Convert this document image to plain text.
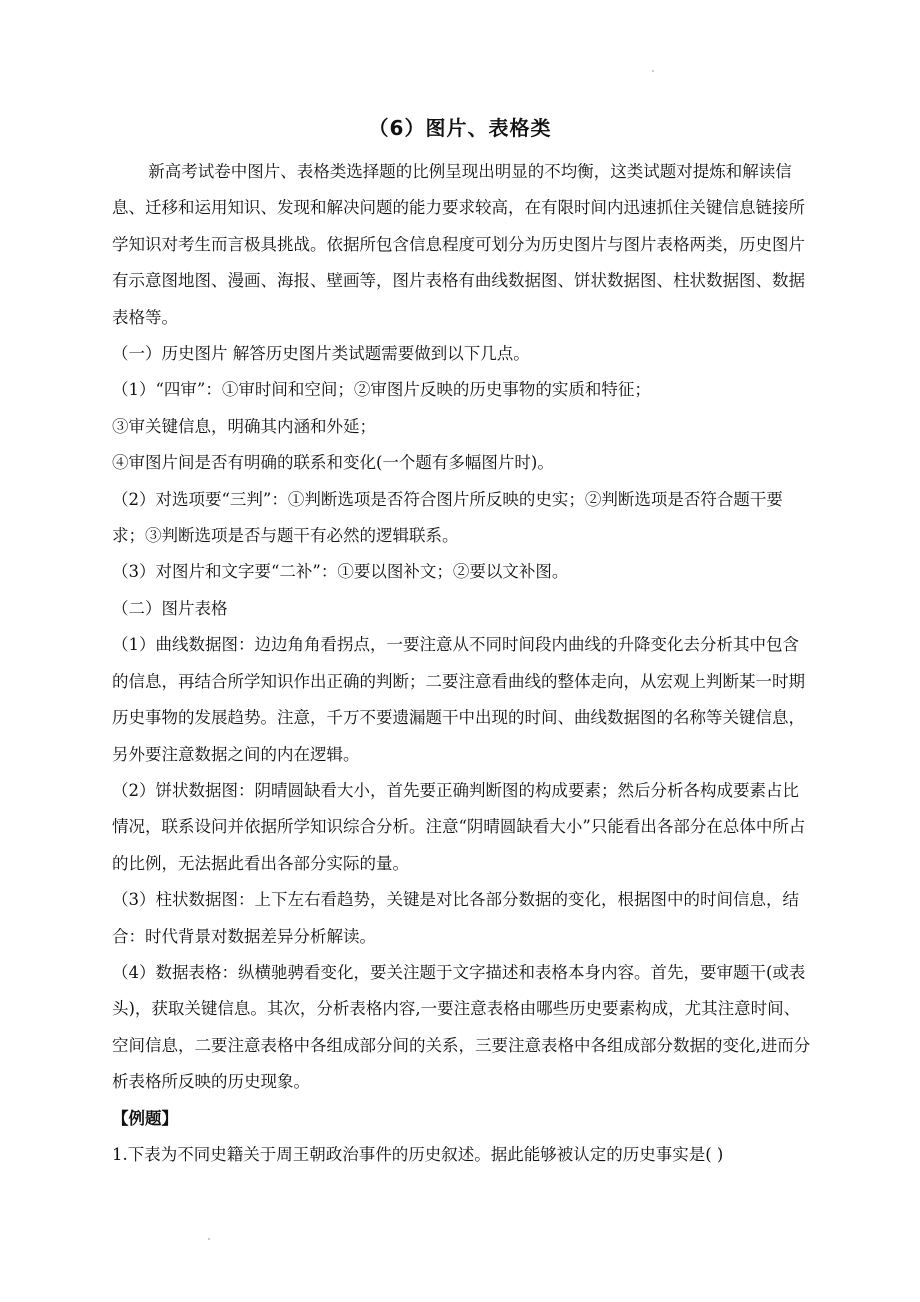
（6）图片、表格类

新高考试卷中图片、表格类选择题的比例呈现出明显的不均衡，这类试题对提炼和解读信息、迁移和运用知识、发现和解决问题的能力要求较高，在有限时间内迅速抓住关键信息链接所学知识对考生而言极具挑战。依据所包含信息程度可划分为历史图片与图片表格两类，历史图片有示意图地图、漫画、海报、壁画等，图片表格有曲线数据图、饼状数据图、柱状数据图、数据表格等。

（一）历史图片 解答历史图片类试题需要做到以下几点。

（1）“四审”：①审时间和空间；②审图片反映的历史事物的实质和特征；

③审关键信息，明确其内涵和外延；

④审图片间是否有明确的联系和变化(一个题有多幅图片时)。

（2）对选项要“三判”：①判断选项是否符合图片所反映的史实；②判断选项是否符合题干要求；③判断选项是否与题干有必然的逻辑联系。

（3）对图片和文字要“二补”：①要以图补文；②要以文补图。

（二）图片表格

（1）曲线数据图：边边角角看拐点，一要注意从不同时间段内曲线的升降变化去分析其中包含的信息，再结合所学知识作出正确的判断；二要注意看曲线的整体走向，从宏观上判断某一时期历史事物的发展趋势。注意，千万不要遗漏题干中出现的时间、曲线数据图的名称等关键信息，另外要注意数据之间的内在逻辑。

（2）饼状数据图：阴晴圆缺看大小，首先要正确判断图的构成要素；然后分析各构成要素占比情况，联系设问并依据所学知识综合分析。注意“阴晴圆缺看大小”只能看出各部分在总体中所占的比例，无法据此看出各部分实际的量。

（3）柱状数据图：上下左右看趋势，关键是对比各部分数据的变化，根据图中的时间信息，结合：时代背景对数据差异分析解读。

（4）数据表格：纵横驰骋看变化，要关注题于文字描述和表格本身内容。首先，要审题干(或表头)，获取关键信息。其次，分析表格内容,一要注意表格由哪些历史要素构成，尤其注意时间、空间信息，二要注意表格中各组成部分间的关系，三要注意表格中各组成部分数据的变化,进而分析表格所反映的历史现象。

【例题】

1.下表为不同史籍关于周王朝政治事件的历史叙述。据此能够被认定的历史事实是( )
